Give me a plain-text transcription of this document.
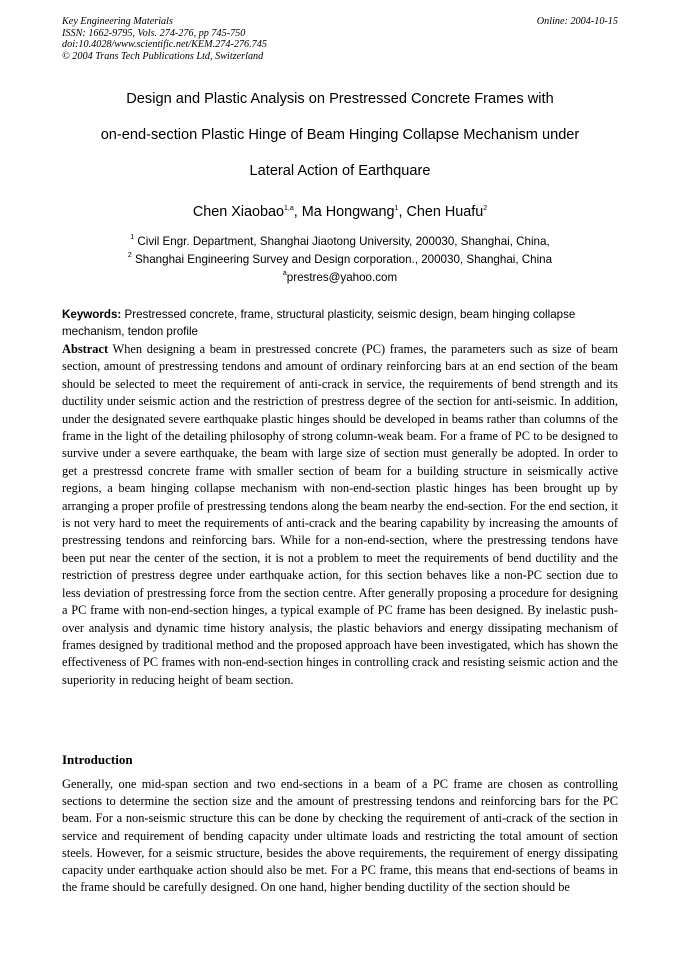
Key Engineering Materials
ISSN: 1662-9795, Vols. 274-276, pp 745-750
doi:10.4028/www.scientific.net/KEM.274-276.745
© 2004 Trans Tech Publications Ltd, Switzerland
Online: 2004-10-15
Design and Plastic Analysis on Prestressed Concrete Frames with
on-end-section Plastic Hinge of Beam Hinging Collapse Mechanism under
Lateral Action of Earthquare
Chen Xiaobao$^{1,a}$, Ma Hongwang$^1$, Chen Huafu$^2$
$^1$ Civil Engr. Department, Shanghai Jiaotong University, 200030, Shanghai, China,
$^2$ Shanghai Engineering Survey and Design corporation., 200030, Shanghai, China
$^a$prestres@yahoo.com
Keywords: Prestressed concrete, frame, structural plasticity, seismic design, beam hinging collapse mechanism, tendon profile
Abstract When designing a beam in prestressed concrete (PC) frames, the parameters such as size of beam section, amount of prestressing tendons and amount of ordinary reinforcing bars at an end section of the beam should be selected to meet the requirement of anti-crack in service, the requirements of bend strength and its ductility under seismic action and the restriction of prestress degree of the section for anti-seismic. In addition, under the designated severe earthquake plastic hinges should be developed in beams rather than columns of the frame in the light of the detailing philosophy of strong column-weak beam. For a frame of PC to be designed to survive under a severe earthquake, the beam with large size of section must generally be adopted. In order to get a prestressd concrete frame with smaller section of beam for a building structure in seismically active regions, a beam hinging collapse mechanism with non-end-section plastic hinges has been brought up by arranging a proper profile of prestressing tendons along the beam nearby the end-section. For the end section, it is not very hard to meet the requirements of anti-crack and the bearing capability by increasing the amounts of prestressing tendons and reinforcing bars. While for a non-end-section, where the prestressing tendons have been put near the center of the section, it is not a problem to meet the requirements of bend ductility and the restriction of prestress degree under earthquake action, for this section behaves like a non-PC section due to less deviation of prestressing force from the section centre. After generally proposing a procedure for designing a PC frame with non-end-section hinges, a typical example of PC frame has been designed. By inelastic push-over analysis and dynamic time history analysis, the plastic behaviors and energy dissipating mechanism of frames designed by traditional method and the proposed approach have been investigated, which has shown the effectiveness of PC frames with non-end-section hinges in controlling crack and resisting seismic action and the superiority in reducing height of beam section.
Introduction
Generally, one mid-span section and two end-sections in a beam of a PC frame are chosen as controlling sections to determine the section size and the amount of prestressing tendons and reinforcing bars for the PC beam. For a non-seismic structure this can be done by checking the requirement of anti-crack of the section in service and requirement of bending capacity under ultimate loads and restricting the total amount of section steels. However, for a seismic structure, besides the above requirements, the requirement of energy dissipating capacity under earthquake action should also be met. For a PC frame, this means that end-sections of beams in the frame should be carefully designed. On one hand, higher bending ductility of the section should be
